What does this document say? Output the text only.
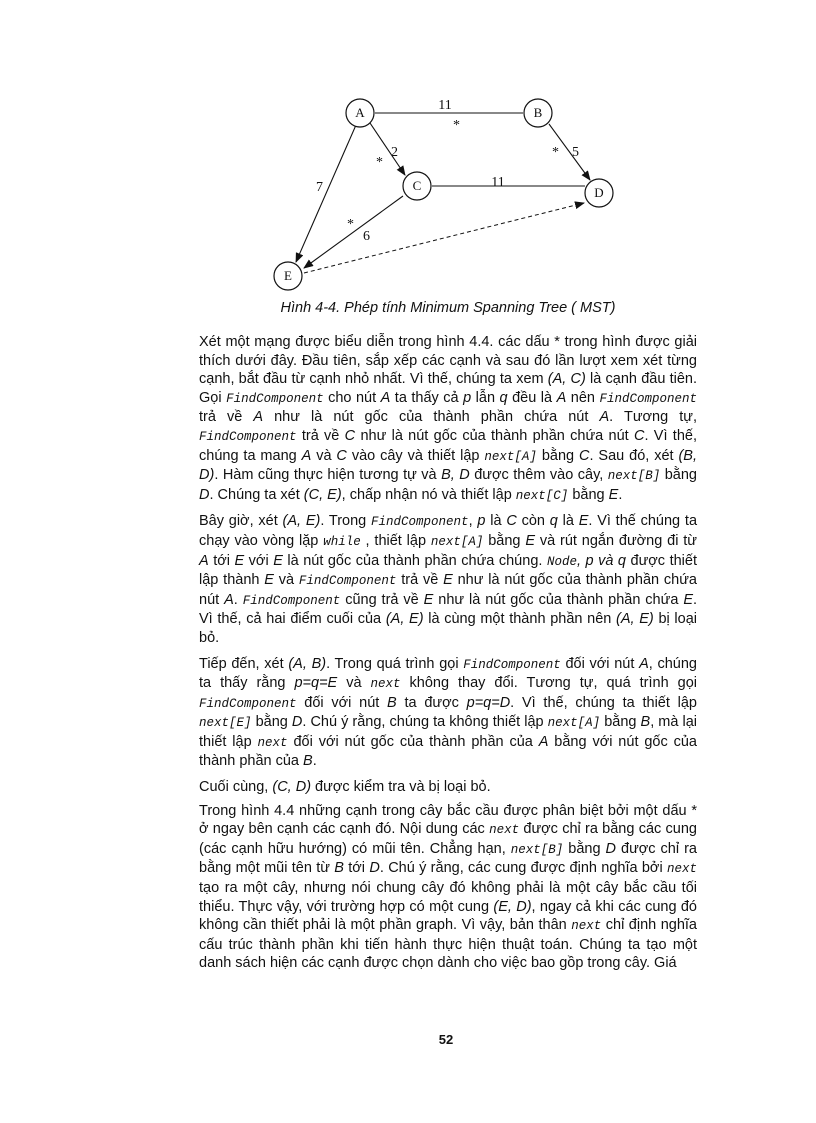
11
2
7
5
11
6
*
*
*
*
A	B
C	D
E
Hình 4-4. Phép tính Minimum Spanning Tree ( MST)

Xét một mạng được biểu diễn trong hình 4.4. các dấu * trong hình được giải thích dưới đây. Đầu tiên, sắp xếp các cạnh và sau đó lần lượt xem xét từng cạnh, bắt đầu từ cạnh nhỏ nhất. Vì thế, chúng ta xem (A, C) là cạnh đầu tiên. Gọi FindComponent cho nút A ta thấy cả p lẫn q đều là A nên FindComponent trả về A như là nút gốc của thành phần chứa nút A. Tương tự, FindComponent trả về C như là nút gốc của thành phần chứa nút C. Vì thế, chúng ta mang A và C vào cây và thiết lập next[A] bằng C. Sau đó, xét (B, D). Hàm cũng thực hiện tương tự và B, D được thêm vào cây, next[B] bằng D. Chúng ta xét (C, E), chấp nhận nó và thiết lập next[C] bằng E.

Bây giờ, xét (A, E). Trong FindComponent, p là C còn q là E. Vì thế chúng ta chạy vào vòng lặp while , thiết lập next[A] bằng E và rút ngắn đường đi từ A tới E với E là nút gốc của thành phần chứa chúng. Node, p và q được thiết lập thành E và FindComponent trả về E như là nút gốc của thành phần chứa nút A. FindComponent cũng trả về E như là nút gốc của thành phần chứa E. Vì thế, cả hai điểm cuối của (A, E) là cùng một thành phần nên (A, E) bị loại bỏ.

Tiếp đến, xét (A, B). Trong quá trình gọi FindComponent đối với nút A, chúng ta thấy rằng p=q=E và next không thay đổi. Tương tự, quá trình gọi FindComponent đối với nút B ta được p=q=D. Vì thế, chúng ta thiết lập next[E] bằng D. Chú ý rằng, chúng ta không thiết lập next[A] bằng B, mà lại thiết lập next đối với nút gốc của thành phần của A bằng với nút gốc của thành phần của B.

Cuối cùng, (C, D) được kiểm tra và bị loại bỏ.

Trong hình 4.4 những cạnh trong cây bắc cầu được phân biệt bởi một dấu * ở ngay bên cạnh các cạnh đó. Nội dung các next được chỉ ra bằng các cung (các cạnh hữu hướng) có mũi tên. Chẳng hạn, next[B] bằng D được chỉ ra bằng một mũi tên từ B tới D. Chú ý rằng, các cung được định nghĩa bởi next tạo ra một cây, nhưng nói chung cây đó không phải là một cây bắc cầu tối thiểu. Thực vậy, với trường hợp có một cung (E, D), ngay cả khi các cung đó không cần thiết phải là một phần graph. Vì vậy, bản thân next chỉ định nghĩa cấu trúc thành phần khi tiến hành thực hiện thuật toán. Chúng ta tạo một danh sách hiện các cạnh được chọn dành cho việc bao gồp trong cây. Giá

52
